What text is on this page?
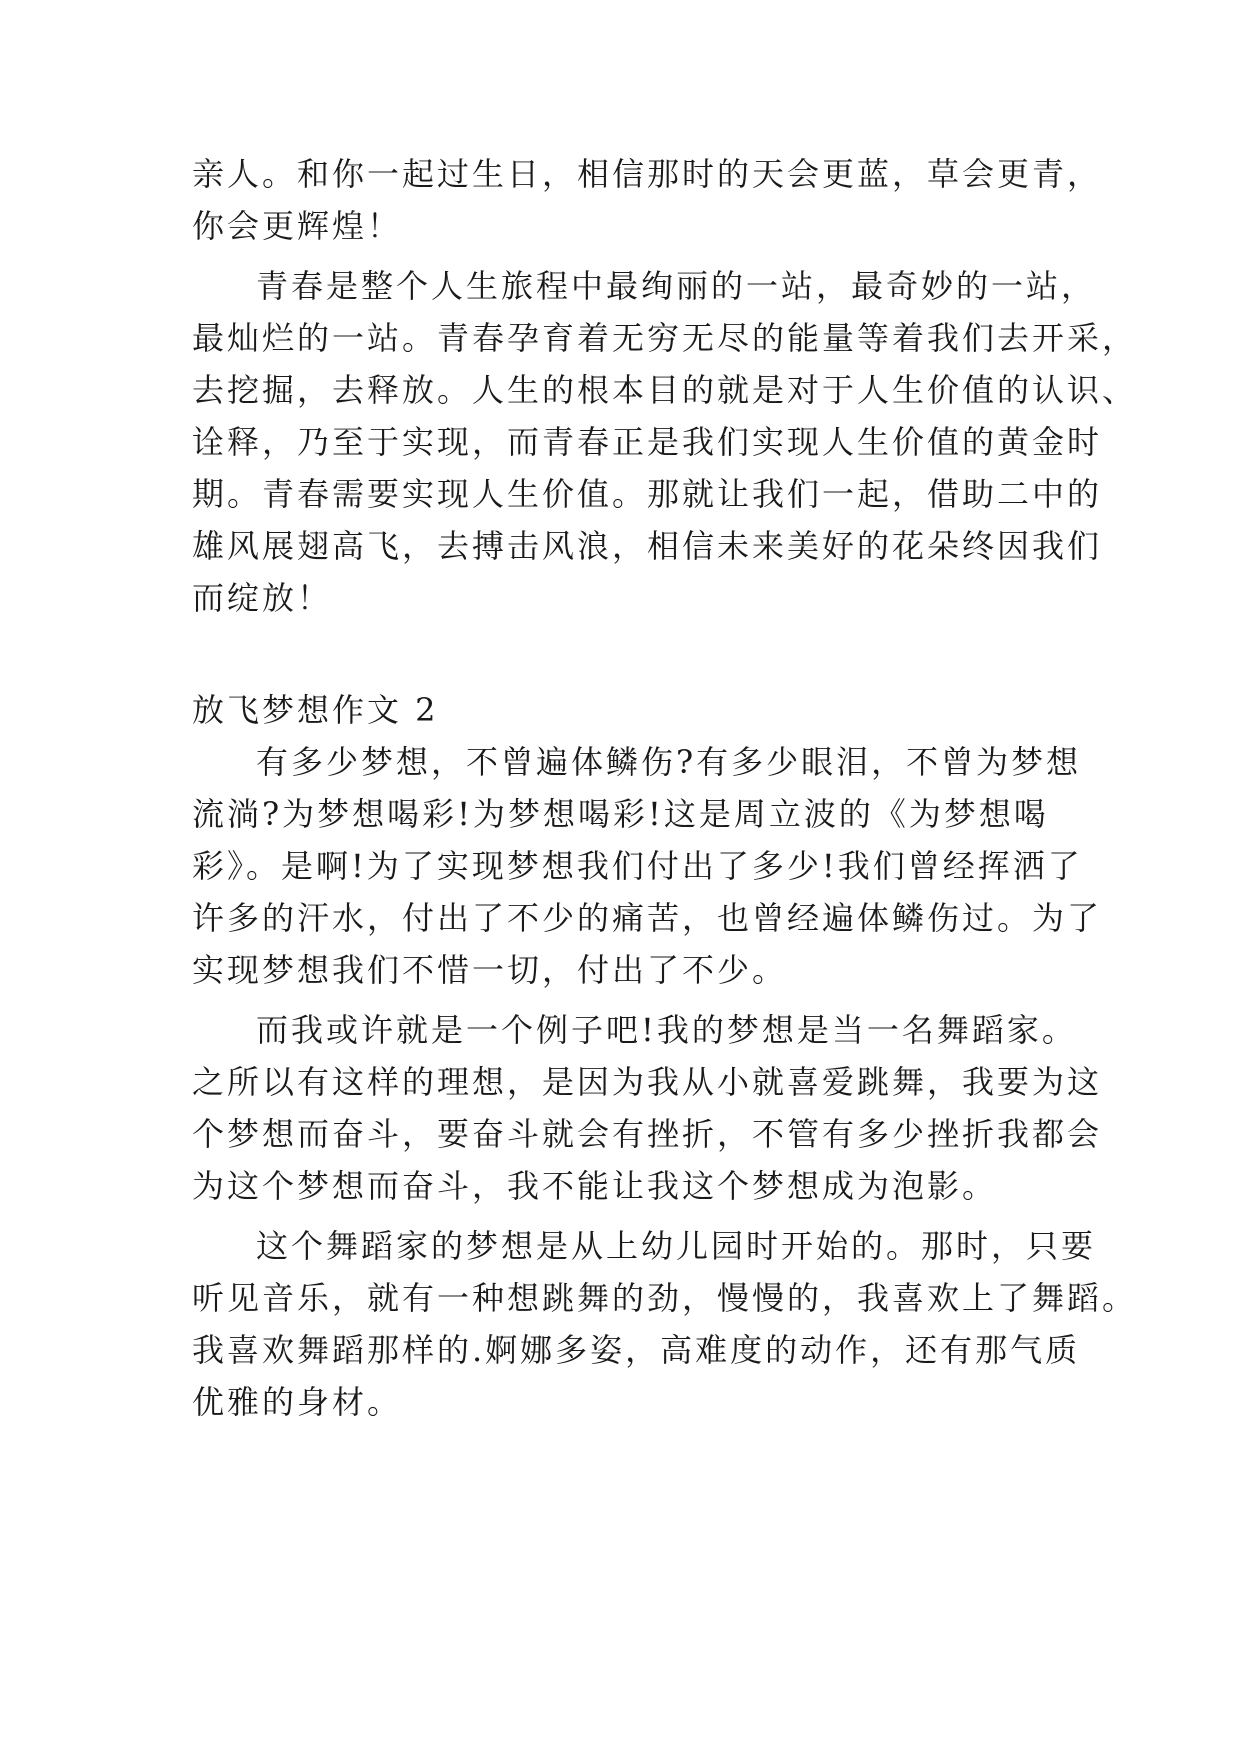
亲人。和你一起过生日，相信那时的天会更蓝，草会更青，
你会更辉煌！
青春是整个人生旅程中最绚丽的一站，最奇妙的一站，
最灿烂的一站。青春孕育着无穷无尽的能量等着我们去开采，
去挖掘，去释放。人生的根本目的就是对于人生价值的认识、
诠释，乃至于实现，而青春正是我们实现人生价值的黄金时
期。青春需要实现人生价值。那就让我们一起，借助二中的
雄风展翅高飞，去搏击风浪，相信未来美好的花朵终因我们
而绽放！
放飞梦想作文 2
有多少梦想，不曾遍体鳞伤?有多少眼泪，不曾为梦想
流淌?为梦想喝彩!为梦想喝彩!这是周立波的《为梦想喝
彩》。是啊!为了实现梦想我们付出了多少!我们曾经挥洒了
许多的汗水，付出了不少的痛苦，也曾经遍体鳞伤过。为了
实现梦想我们不惜一切，付出了不少。
而我或许就是一个例子吧!我的梦想是当一名舞蹈家。
之所以有这样的理想，是因为我从小就喜爱跳舞，我要为这
个梦想而奋斗，要奋斗就会有挫折，不管有多少挫折我都会
为这个梦想而奋斗，我不能让我这个梦想成为泡影。
这个舞蹈家的梦想是从上幼儿园时开始的。那时，只要
听见音乐，就有一种想跳舞的劲，慢慢的，我喜欢上了舞蹈。
我喜欢舞蹈那样的.婀娜多姿，高难度的动作，还有那气质
优雅的身材。
